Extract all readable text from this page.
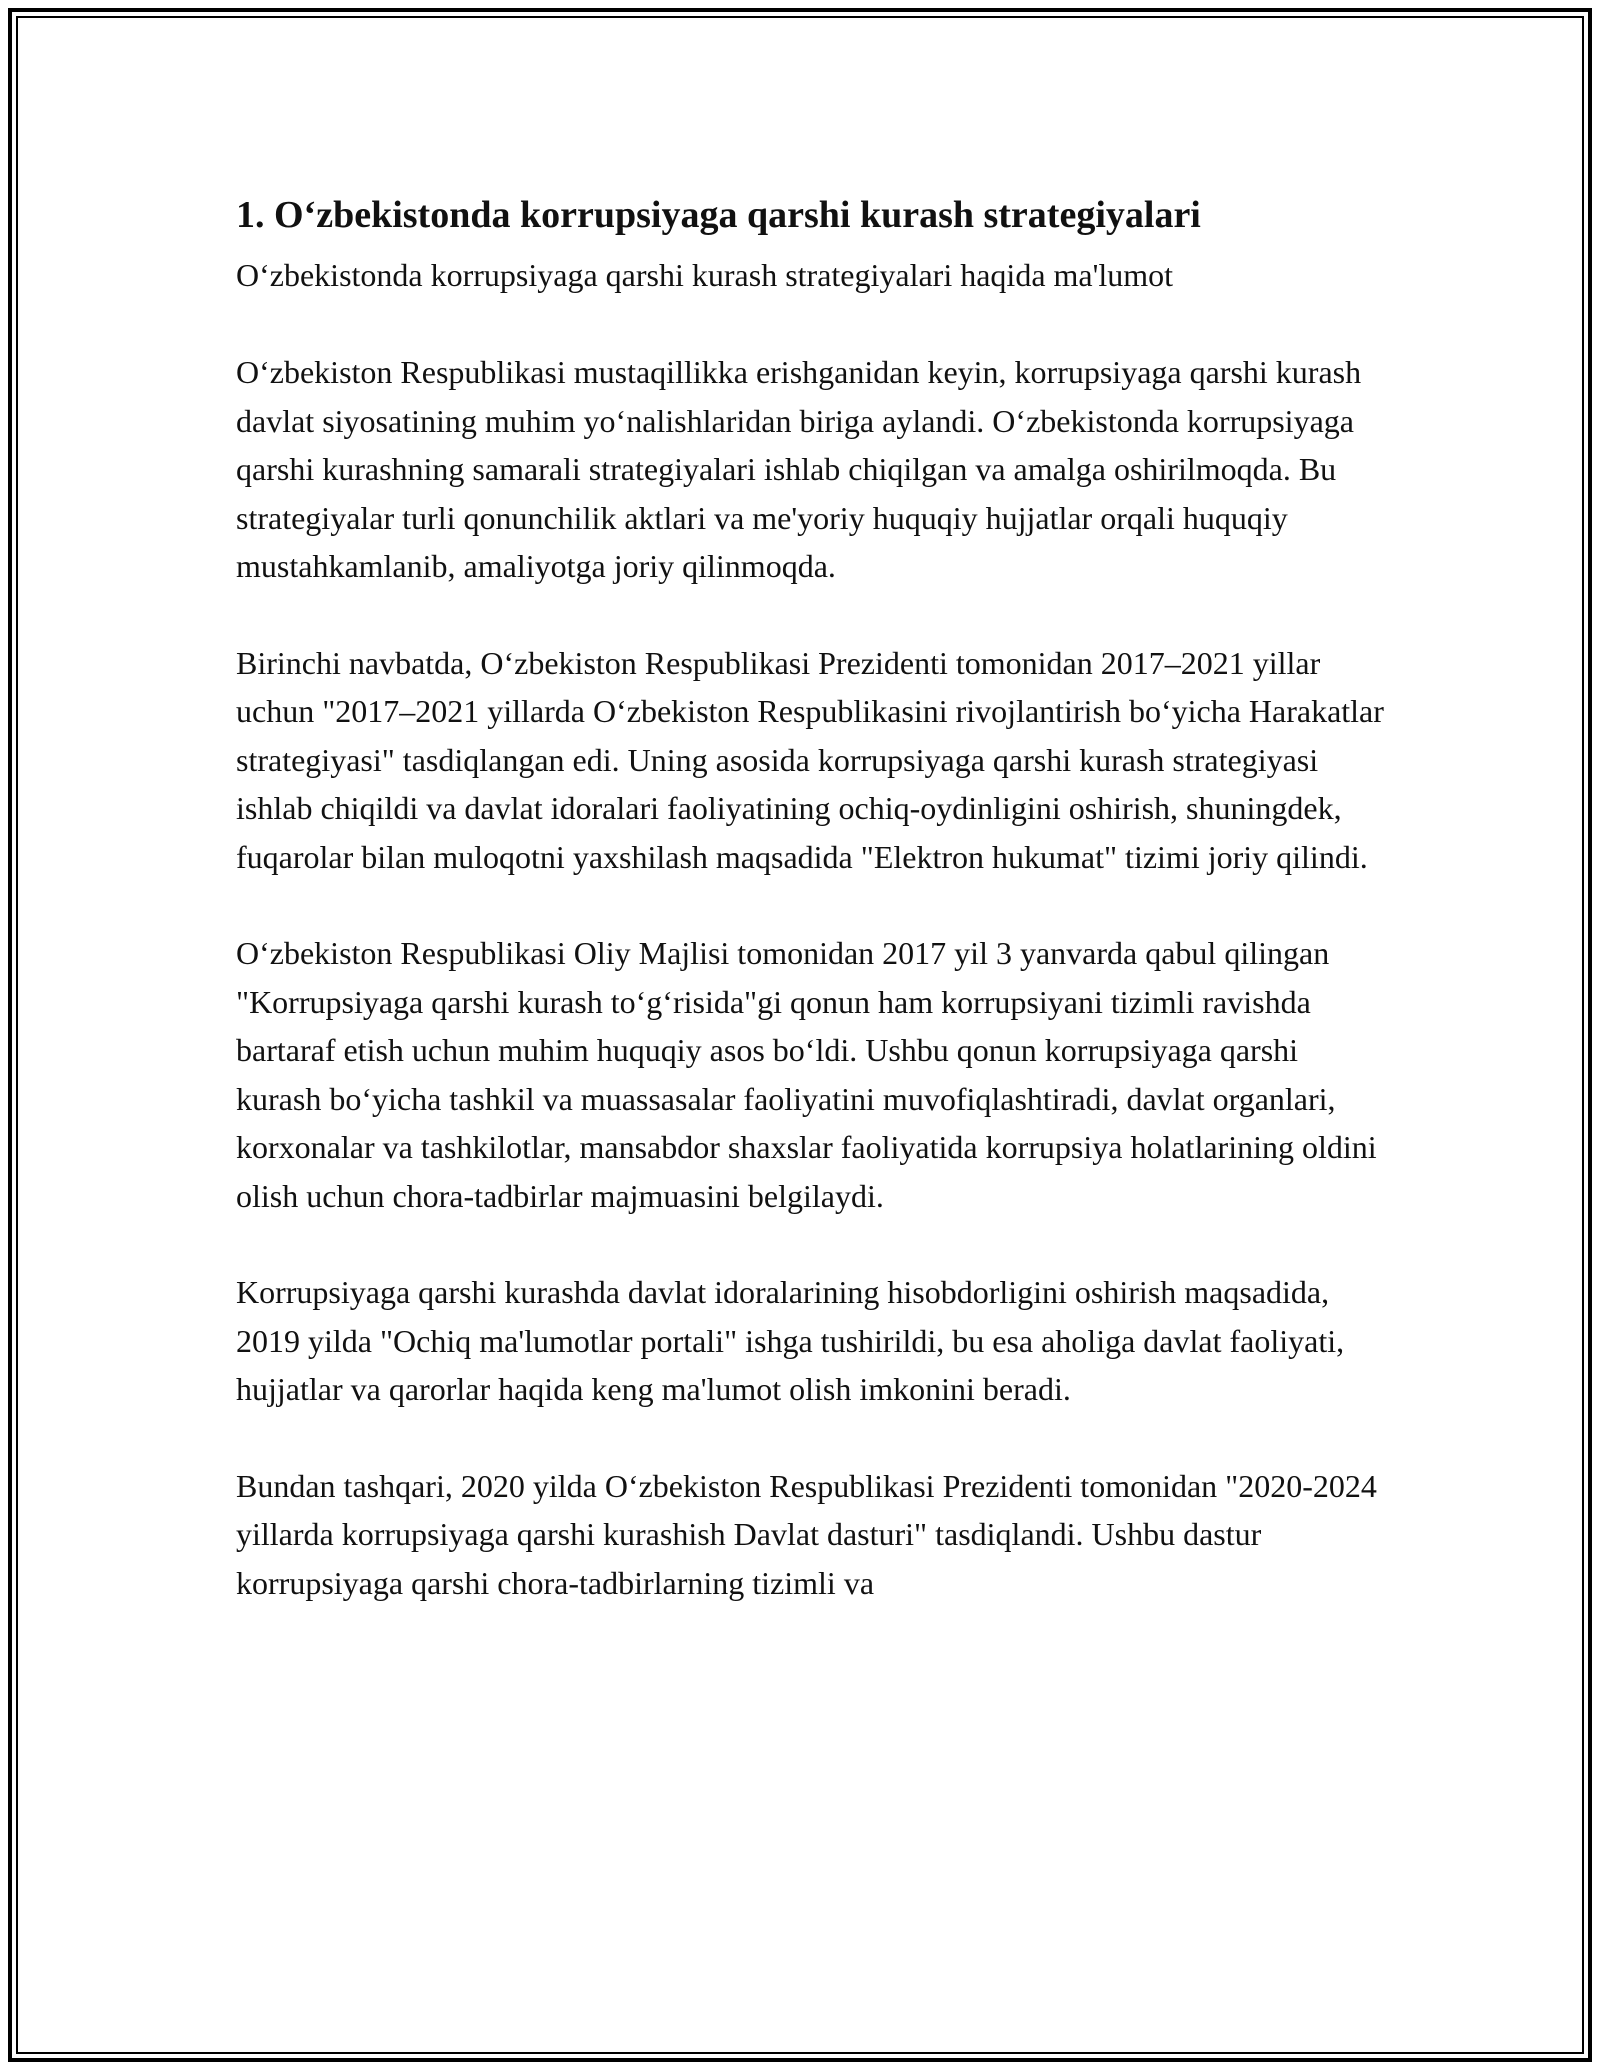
1. O‘zbekistonda korrupsiyaga qarshi kurash strategiyalari

O‘zbekistonda korrupsiyaga qarshi kurash strategiyalari haqida ma'lumot

O‘zbekiston Respublikasi mustaqillikka erishganidan keyin, korrupsiyaga qarshi kurash davlat siyosatining muhim yo‘nalishlaridan biriga aylandi. O‘zbekistonda korrupsiyaga qarshi kurashning samarali strategiyalari ishlab chiqilgan va amalga oshirilmoqda. Bu strategiyalar turli qonunchilik aktlari va me'yoriy huquqiy hujjatlar orqali huquqiy mustahkamlanib, amaliyotga joriy qilinmoqda.

Birinchi navbatda, O‘zbekiston Respublikasi Prezidenti tomonidan 2017–2021 yillar uchun "2017–2021 yillarda O‘zbekiston Respublikasini rivojlantirish bo‘yicha Harakatlar strategiyasi" tasdiqlangan edi. Uning asosida korrupsiyaga qarshi kurash strategiyasi ishlab chiqildi va davlat idoralari faoliyatining ochiq-oydinligini oshirish, shuningdek, fuqarolar bilan muloqotni yaxshilash maqsadida "Elektron hukumat" tizimi joriy qilindi.

O‘zbekiston Respublikasi Oliy Majlisi tomonidan 2017 yil 3 yanvarda qabul qilingan "Korrupsiyaga qarshi kurash to‘g‘risida"gi qonun ham korrupsiyani tizimli ravishda bartaraf etish uchun muhim huquqiy asos bo‘ldi. Ushbu qonun korrupsiyaga qarshi kurash bo‘yicha tashkil va muassasalar faoliyatini muvofiqlashtiradi, davlat organlari, korxonalar va tashkilotlar, mansabdor shaxslar faoliyatida korrupsiya holatlarining oldini olish uchun chora-tadbirlar majmuasini belgilaydi.

Korrupsiyaga qarshi kurashda davlat idoralarining hisobdorligini oshirish maqsadida, 2019 yilda "Ochiq ma'lumotlar portali" ishga tushirildi, bu esa aholiga davlat faoliyati, hujjatlar va qarorlar haqida keng ma'lumot olish imkonini beradi.

Bundan tashqari, 2020 yilda O‘zbekiston Respublikasi Prezidenti tomonidan "2020-2024 yillarda korrupsiyaga qarshi kurashish Davlat dasturi" tasdiqlandi. Ushbu dastur korrupsiyaga qarshi chora-tadbirlarning tizimli va
